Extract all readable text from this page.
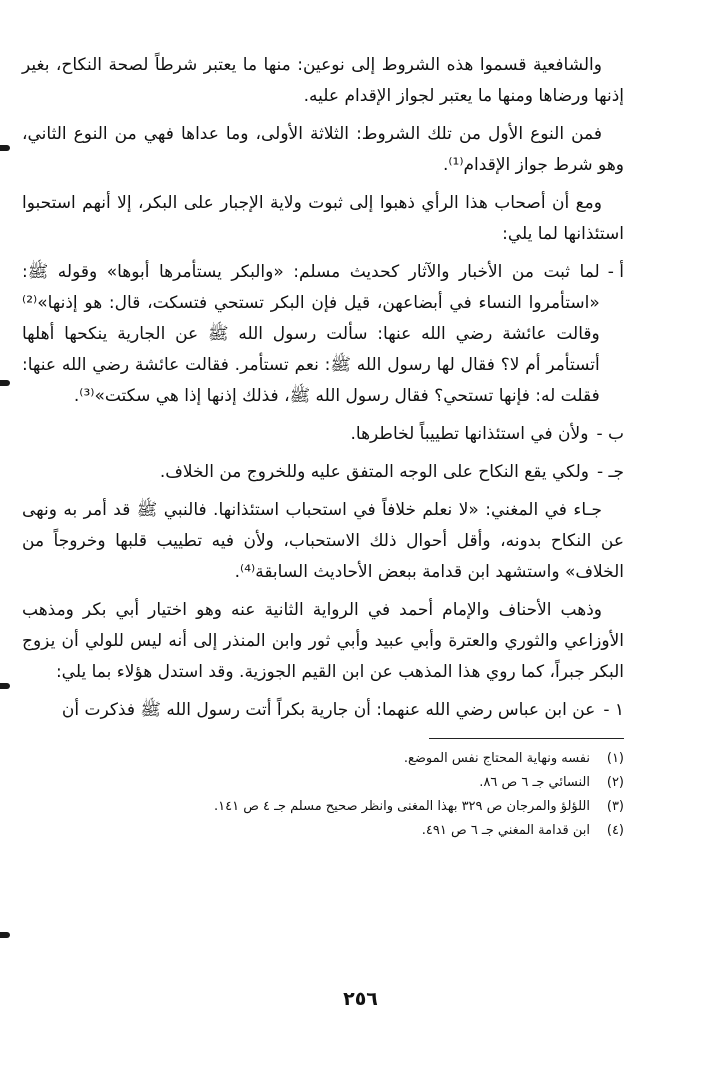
والشافعية قسموا هذه الشروط إلى نوعين: منها ما يعتبر شرطاً لصحة النكاح، بغير إذنها ورضاها ومنها ما يعتبر لجواز الإقدام عليه.

فمن النوع الأول من تلك الشروط: الثلاثة الأولى، وما عداها فهي من النوع الثاني، وهو شرط جواز الإقدام⁽¹⁾.

ومع أن أصحاب هذا الرأي ذهبوا إلى ثبوت ولاية الإجبار على البكر، إلا أنهم استحبوا استئذانها لما يلي:

أ -
لما ثبت من الأخبار والآثار كحديث مسلم: «والبكر يستأمرها أبوها» وقوله ﷺ: «استأمروا النساء في أبضاعهن، قيل فإن البكر تستحي فتسكت، قال: هو إذنها»⁽²⁾ وقالت عائشة رضي الله عنها: سألت رسول الله ﷺ عن الجارية ينكحها أهلها أتستأمر أم لا؟ فقال لها رسول الله ﷺ: نعم تستأمر. فقالت عائشة رضي الله عنها: فقلت له: فإنها تستحي؟ فقال رسول الله ﷺ، فذلك إذنها إذا هي سكتت»⁽³⁾.
ب -
ولأن في استئذانها تطييباً لخاطرها.
جـ -
ولكي يقع النكاح على الوجه المتفق عليه وللخروج من الخلاف.

جـاء في المغني: «لا نعلم خلافاً في استحباب استئذانها. فالنبي ﷺ قد أمر به ونهى عن النكاح بدونه، وأقل أحوال ذلك الاستحباب، ولأن فيه تطييب قلبها وخروجاً من الخلاف» واستشهد ابن قدامة ببعض الأحاديث السابقة⁽⁴⁾.

وذهب الأحناف والإمام أحمد في الرواية الثانية عنه وهو اختيار أبي بكر ومذهب الأوزاعي والثوري والعترة وأبي عبيد وأبي ثور وابن المنذر إلى أنه ليس للولي أن يزوج البكر جبراً، كما روي هذا المذهب عن ابن القيم الجوزية. وقد استدل هؤلاء بما يلي:

١ -
عن ابن عباس رضي الله عنهما: أن جارية بكراً أتت رسول الله ﷺ فذكرت أن
(١)
نفسه ونهاية المحتاج نفس الموضع.
(٢)
النسائي جـ ٦ ص ٨٦.
(٣)
اللؤلؤ والمرجان ص ٣٢٩ بهذا المغنى وانظر صحيح مسلم جـ ٤ ص ١٤١.
(٤)
ابن قدامة المغني جـ ٦ ص ٤٩١.
٢٥٦
